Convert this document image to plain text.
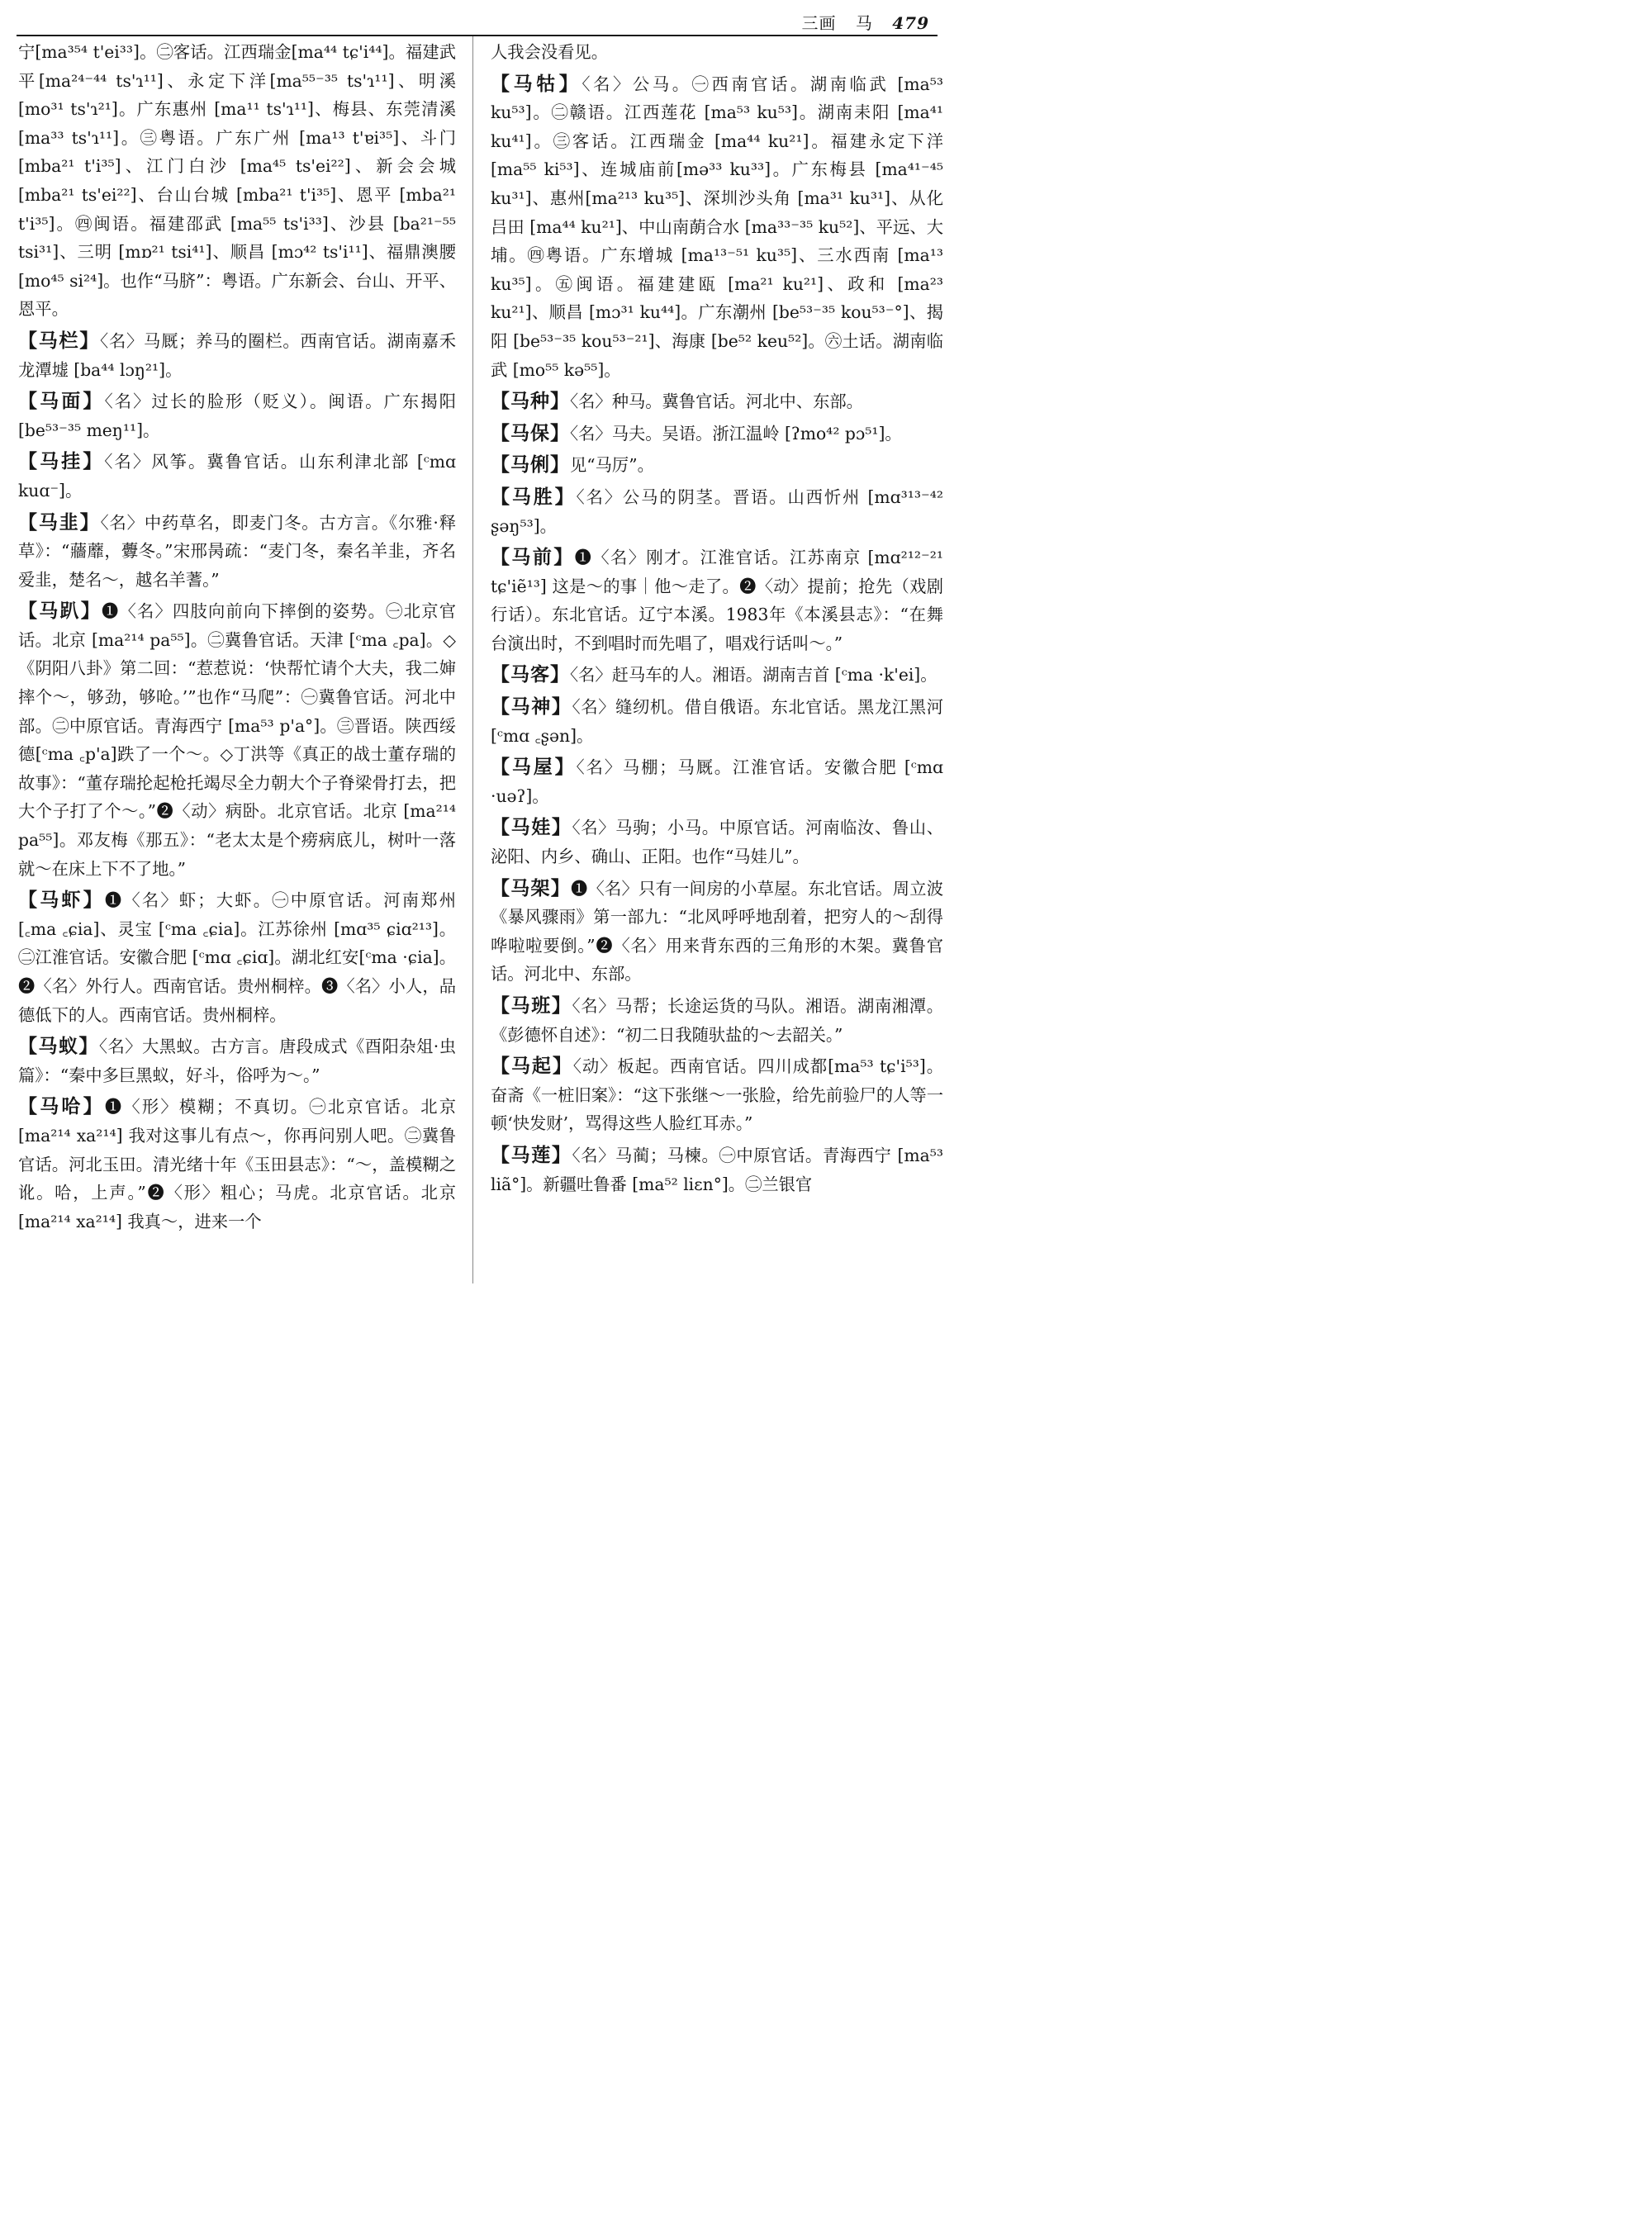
三画 马 479

宁[ma³⁵⁴ t'ei³³]。㊁客话。江西瑞金[ma⁴⁴ tɕ'i⁴⁴]。福建武平[ma²⁴⁻⁴⁴ ts'ɿ¹¹]、永定下洋[ma⁵⁵⁻³⁵ ts'ɿ¹¹]、明溪 [mo³¹ ts'ɿ²¹]。广东惠州 [ma¹¹ ts'ɿ¹¹]、梅县、东莞清溪 [ma³³ ts'ɿ¹¹]。㊂粤语。广东广州 [ma¹³ t'ɐi³⁵]、斗门 [mba²¹ t'i³⁵]、江门白沙 [ma⁴⁵ ts'ei²²]、新会会城 [mba²¹ ts'ei²²]、台山台城 [mba²¹ t'i³⁵]、恩平 [mba²¹ t'i³⁵]。㊃闽语。福建邵武 [ma⁵⁵ ts'i³³]、沙县 [ba²¹⁻⁵⁵ tsi³¹]、三明 [mɒ²¹ tsi⁴¹]、顺昌 [mɔ⁴² ts'i¹¹]、福鼎澳腰[mo⁴⁵ si²⁴]。也作“马脐”：粤语。广东新会、台山、开平、恩平。

【马栏】〈名〉马厩；养马的圈栏。西南官话。湖南嘉禾龙潭墟 [ba⁴⁴ lɔŋ²¹]。

【马面】〈名〉过长的脸形（贬义）。闽语。广东揭阳 [be⁵³⁻³⁵ meŋ¹¹]。

【马挂】〈名〉风筝。冀鲁官话。山东利津北部 [ᶜmɑ kuɑ⁻]。

【马韭】〈名〉中药草名，即麦门冬。古方言。《尔雅·释草》：“蘠蘼，虋冬。”宋邢昺疏：“麦门冬，秦名羊韭，齐名爱韭，楚名～，越名羊蓍。”

【马趴】❶〈名〉四肢向前向下摔倒的姿势。㊀北京官话。北京 [ma²¹⁴ pa⁵⁵]。㊁冀鲁官话。天津 [ᶜma ꜀pa]。◇《阴阳八卦》第二回：“惹惹说：‘快帮忙请个大夫，我二婶摔个～，够劲，够呛。’”也作“马爬”：㊀冀鲁官话。河北中部。㊁中原官话。青海西宁 [ma⁵³ p'a°]。㊂晋语。陕西绥德[ᶜma ꜀p'a]跌了一个～。◇丁洪等《真正的战士董存瑞的故事》：“董存瑞抡起枪托竭尽全力朝大个子脊梁骨打去，把大个子打了个～。”❷〈动〉病卧。北京官话。北京 [ma²¹⁴ pa⁵⁵]。邓友梅《那五》：“老太太是个痨病底儿，树叶一落就～在床上下不了地。”

【马虾】❶〈名〉虾；大虾。㊀中原官话。河南郑州 [꜀ma ꜀ɕia]、灵宝 [ᶜma ꜀ɕia]。江苏徐州 [mɑ³⁵ ɕiɑ²¹³]。㊁江淮官话。安徽合肥 [ᶜmɑ ꜀ɕiɑ]。湖北红安[ᶜma ·ɕia]。❷〈名〉外行人。西南官话。贵州桐梓。❸〈名〉小人，品德低下的人。西南官话。贵州桐梓。

【马蚁】〈名〉大黑蚁。古方言。唐段成式《酉阳杂俎·虫篇》：“秦中多巨黑蚁，好斗，俗呼为～。”

【马哈】❶〈形〉模糊；不真切。㊀北京官话。北京 [ma²¹⁴ xa²¹⁴] 我对这事儿有点～，你再问别人吧。㊁冀鲁官话。河北玉田。清光绪十年《玉田县志》：“～，盖模糊之讹。哈，上声。”❷〈形〉粗心；马虎。北京官话。北京 [ma²¹⁴ xa²¹⁴] 我真～，进来一个

人我会没看见。

【马牯】〈名〉公马。㊀西南官话。湖南临武 [ma⁵³ ku⁵³]。㊁赣语。江西莲花 [ma⁵³ ku⁵³]。湖南耒阳 [ma⁴¹ ku⁴¹]。㊂客话。江西瑞金 [ma⁴⁴ ku²¹]。福建永定下洋 [ma⁵⁵ ki⁵³]、连城庙前[mə³³ ku³³]。广东梅县 [ma⁴¹⁻⁴⁵ ku³¹]、惠州[ma²¹³ ku³⁵]、深圳沙头角 [ma³¹ ku³¹]、从化吕田 [ma⁴⁴ ku²¹]、中山南蓢合水 [ma³³⁻³⁵ ku⁵²]、平远、大埔。㊃粤语。广东增城 [ma¹³⁻⁵¹ ku³⁵]、三水西南 [ma¹³ ku³⁵]。㊄闽语。福建建瓯 [ma²¹ ku²¹]、政和 [ma²³ ku²¹]、顺昌 [mɔ³¹ ku⁴⁴]。广东潮州 [be⁵³⁻³⁵ kou⁵³⁻°]、揭阳 [be⁵³⁻³⁵ kou⁵³⁻²¹]、海康 [be⁵² keu⁵²]。㊅土话。湖南临武 [mo⁵⁵ kə⁵⁵]。

【马种】〈名〉种马。冀鲁官话。河北中、东部。

【马保】〈名〉马夫。吴语。浙江温岭 [ʔmo⁴² pɔ⁵¹]。

【马俐】见“马厉”。

【马胜】〈名〉公马的阴茎。晋语。山西忻州 [mɑ³¹³⁻⁴² ʂəŋ⁵³]。

【马前】❶〈名〉刚才。江淮官话。江苏南京 [mɑ²¹²⁻²¹ tɕ'iẽ¹³] 这是～的事｜他～走了。❷〈动〉提前；抢先（戏剧行话）。东北官话。辽宁本溪。1983年《本溪县志》：“在舞台演出时，不到唱时而先唱了，唱戏行话叫～。”

【马客】〈名〉赶马车的人。湘语。湖南吉首 [ᶜma ·k'ei]。

【马神】〈名〉缝纫机。借自俄语。东北官话。黑龙江黑河[ᶜmɑ ꜀ʂən]。

【马屋】〈名〉马棚；马厩。江淮官话。安徽合肥 [ᶜmɑ ·uəʔ]。

【马娃】〈名〉马驹；小马。中原官话。河南临汝、鲁山、泌阳、内乡、确山、正阳。也作“马娃儿”。

【马架】❶〈名〉只有一间房的小草屋。东北官话。周立波《暴风骤雨》第一部九：“北风呼呼地刮着，把穷人的～刮得哗啦啦要倒。”❷〈名〉用来背东西的三角形的木架。冀鲁官话。河北中、东部。

【马班】〈名〉马帮；长途运货的马队。湘语。湖南湘潭。《彭德怀自述》：“初二日我随驮盐的～去韶关。”

【马起】〈动〉板起。西南官话。四川成都[ma⁵³ tɕ'i⁵³]。奋斋《一桩旧案》：“这下张继～一张脸，给先前验尸的人等一顿‘快发财’，骂得这些人脸红耳赤。”

【马莲】〈名〉马蔺；马楝。㊀中原官话。青海西宁 [ma⁵³ liã°]。新疆吐鲁番 [ma⁵² liɛn°]。㊁兰银官
